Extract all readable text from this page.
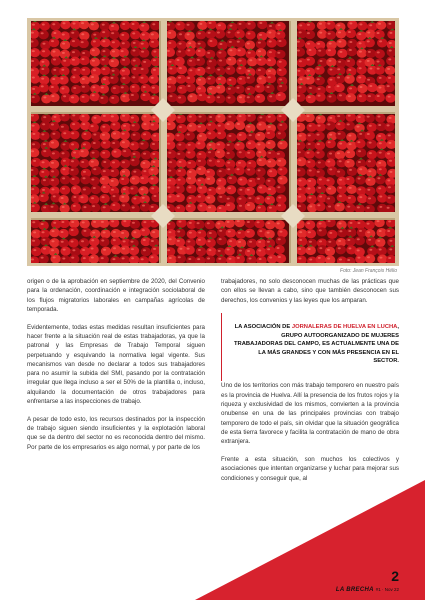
Foto: Jean François Hélio

origen o de la aprobación en septiembre de 2020, del Convenio para la ordenación, coordinación e integración sociolaboral de los flujos migratorios laborales en campañas agrícolas de temporada.

Evidentemente, todas estas medidas resultan insuficientes para hacer frente a la situación real de estas trabajadoras, ya que la patronal y las Empresas de Trabajo Temporal siguen perpetuando y esquivando la normativa legal vigente. Sus mecanismos van desde no declarar a todos sus trabajadores para no asumir la subida del SMI, pasando por la contratación irregular que llega incluso a ser el 50% de la plantilla o, incluso, alquilando la documentación de otros trabajadores para enfrentarse a las inspecciones de trabajo.

A pesar de todo esto, los recursos destinados por la inspección de trabajo siguen siendo insuficientes y la explotación laboral que se da dentro del sector no es reconocida dentro del mismo. Por parte de los empresarios es algo normal, y por parte de los

trabajadores, no solo desconocen muchas de las prácticas que con ellos se llevan a cabo, sino que también desconocen sus derechos, los convenios y las leyes que los amparan.

LA ASOCIACIÓN DE JORNALERAS DE HUELVA EN LUCHA, GRUPO AUTOORGANIZADO DE MUJERES TRABAJADORAS DEL CAMPO, ES ACTUALMENTE UNA DE LA MÁS GRANDES Y CON MÁS PRESENCIA EN EL SECTOR.

Uno de los territorios con más trabajo temporero en nuestro país es la provincia de Huelva. Allí la presencia de los frutos rojos y la riqueza y exclusividad de los mismos, convierten a la provincia onubense en una de las principales provincias con trabajo temporero de todo el país, sin olvidar que la situación geográfica de esta tierra favorece y facilita la contratación de mano de obra extranjera.

Frente a esta situación, son muchos los colectivos y asociaciones que intentan organizarse y luchar para mejorar sus condiciones y conseguir que, al

2
LA BRECHA #1 · Nov 22
